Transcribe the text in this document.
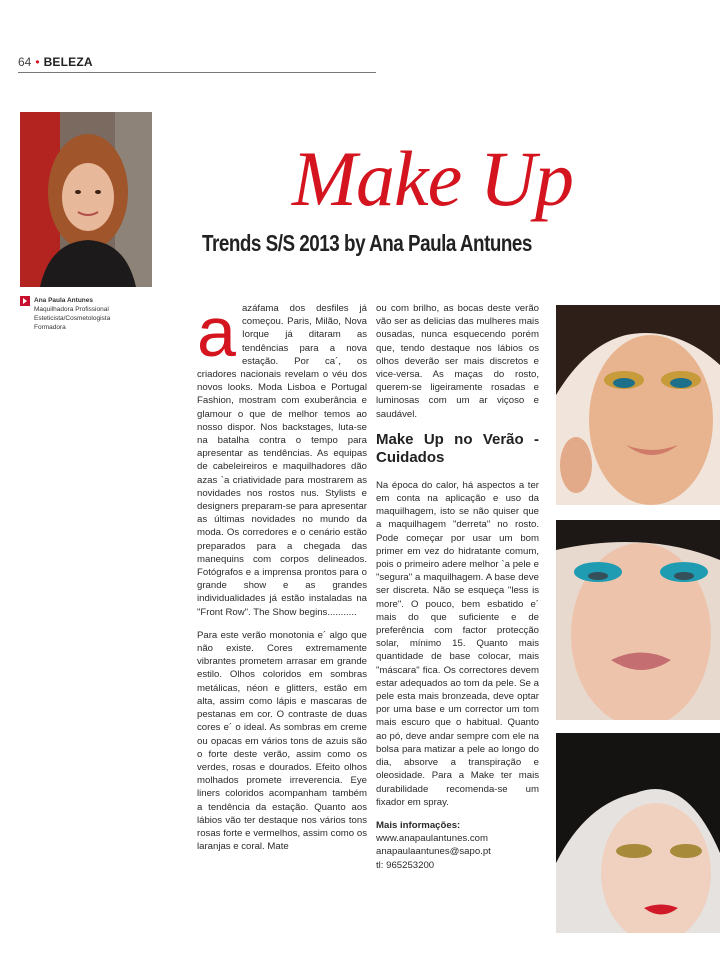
64 • BELEZA
Ana Paula Antunes
Maquilhadora Profissional
Esteticista/Cosmetologista
Formadora
Make Up
Trends S/S 2013 by Ana Paula Antunes

aazáfama dos desfiles já começou. Paris, Milão, Nova Iorque já ditaram as tendências para a nova estação. Por ca´, os criadores nacionais revelam o véu dos novos looks. Moda Lisboa e Portugal Fashion, mostram com exuberância e glamour o que de melhor temos ao nosso dispor. Nos backstages, luta-se na batalha contra o tempo para apresentar as tendências. As equipas de cabeleireiros e maquilhadores dão azas `a criatividade para mostrarem as novidades nos rostos nus. Stylists e designers preparam-se para apresentar as últimas novidades no mundo da moda. Os corredores e o cenário estão preparados para a chegada das manequins com corpos delineados. Fotógrafos e a imprensa prontos para o grande show e as grandes individualidades já estão instaladas na "Front Row". The Show begins...........

Para este verão monotonia e´ algo que não existe. Cores extremamente vibrantes prometem arrasar em grande estilo. Olhos coloridos em sombras metálicas, néon e glitters, estão em alta, assim como lápis e mascaras de pestanas em cor. O contraste de duas cores e´ o ideal. As sombras em creme ou opacas em vários tons de azuis são o forte deste verão, assim como os verdes, rosas e dourados. Efeito olhos molhados promete irreverencia. Eye liners coloridos acompanham também a tendência da estação. Quanto aos lábios vão ter destaque nos vários tons rosas forte e vermelhos, assim como os laranjas e coral. Mate

ou com brilho, as bocas deste verão vão ser as delicias das mulheres mais ousadas, nunca esquecendo porém que, tendo destaque nos lábios os olhos deverão ser mais discretos e vice-versa. As maças do rosto, querem-se ligeiramente rosadas e luminosas com um ar viçoso e saudável.

Make Up no Verão - Cuidados

Na época do calor, há aspectos a ter em conta na aplicação e uso da maquilhagem, isto se não quiser que a maquilhagem "derreta" no rosto. Pode começar por usar um bom primer em vez do hidratante comum, pois o primeiro adere melhor `a pele e "segura" a maquilhagem. A base deve ser discreta. Não se esqueça "less is more". O pouco, bem esbatido e´ mais do que suficiente e de preferência com factor protecção solar, mínimo 15. Quanto mais quantidade de base colocar, mais "máscara" fica. Os correctores devem estar adequados ao tom da pele. Se a pele esta mais bronzeada, deve optar por uma base e um corrector um tom mais escuro que o habitual. Quanto ao pó, deve andar sempre com ele na bolsa para matizar a pele ao longo do dia, absorve a transpiração e oleosidade. Para a Make ter mais durabilidade recomenda-se um fixador em spray.

Mais informações:
www.anapaulantunes.com
anapaulaantunes@sapo.pt
tl: 965253200
